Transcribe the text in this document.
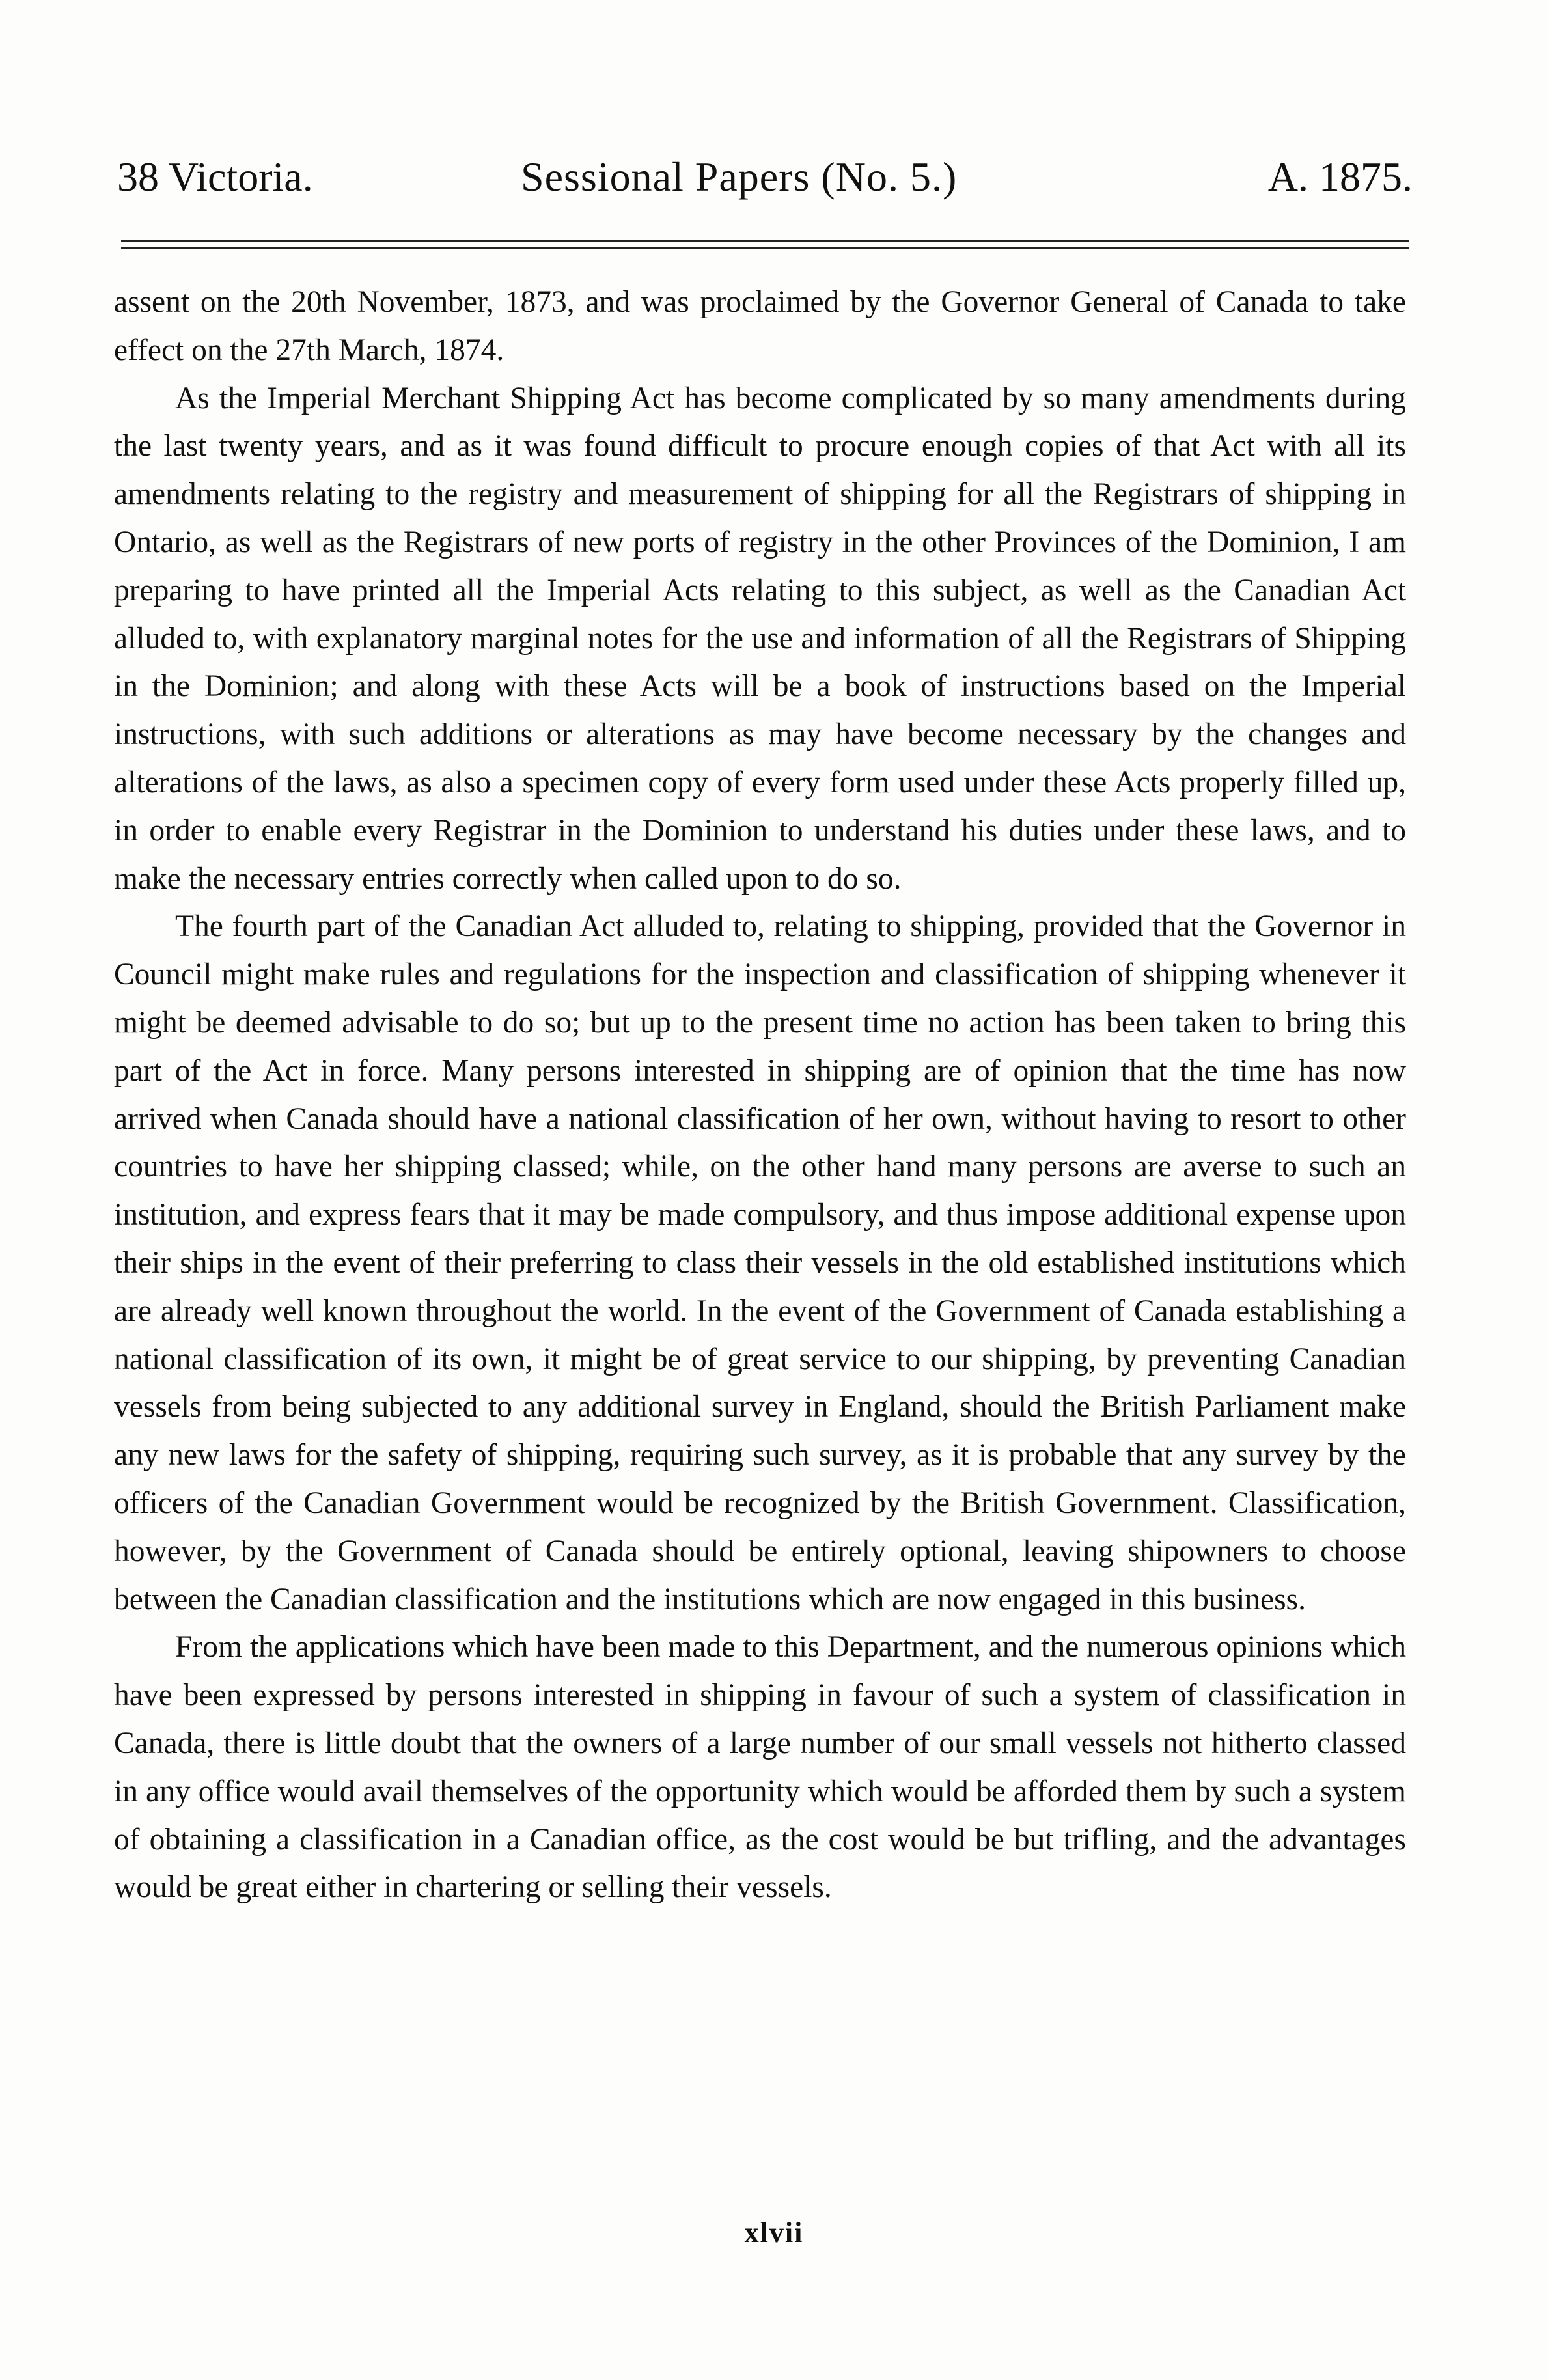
38 Victoria.	Sessional Papers (No. 5.)	A. 1875.

assent on the 20th November, 1873, and was proclaimed by the Governor General of Canada to take effect on the 27th March, 1874.

As the Imperial Merchant Shipping Act has become complicated by so many amendments during the last twenty years, and as it was found difficult to procure enough copies of that Act with all its amendments relating to the registry and measurement of shipping for all the Registrars of shipping in Ontario, as well as the Registrars of new ports of registry in the other Provinces of the Dominion, I am preparing to have printed all the Imperial Acts relating to this subject, as well as the Canadian Act alluded to, with explanatory marginal notes for the use and information of all the Registrars of Shipping in the Dominion; and along with these Acts will be a book of instructions based on the Imperial instructions, with such additions or alterations as may have become necessary by the changes and alterations of the laws, as also a specimen copy of every form used under these Acts properly filled up, in order to enable every Registrar in the Dominion to understand his duties under these laws, and to make the necessary entries correctly when called upon to do so.

The fourth part of the Canadian Act alluded to, relating to shipping, provided that the Governor in Council might make rules and regulations for the inspection and classification of shipping whenever it might be deemed advisable to do so; but up to the present time no action has been taken to bring this part of the Act in force. Many persons interested in shipping are of opinion that the time has now arrived when Canada should have a national classification of her own, without having to resort to other countries to have her shipping classed; while, on the other hand many persons are averse to such an institution, and express fears that it may be made compulsory, and thus impose additional expense upon their ships in the event of their preferring to class their vessels in the old established institutions which are already well known throughout the world. In the event of the Government of Canada establishing a national classification of its own, it might be of great service to our shipping, by preventing Canadian vessels from being subjected to any additional survey in England, should the British Parliament make any new laws for the safety of shipping, requiring such survey, as it is probable that any survey by the officers of the Canadian Government would be recognized by the British Government. Classification, however, by the Government of Canada should be entirely optional, leaving shipowners to choose between the Canadian classification and the institutions which are now engaged in this business.

From the applications which have been made to this Department, and the numerous opinions which have been expressed by persons interested in shipping in favour of such a system of classification in Canada, there is little doubt that the owners of a large number of our small vessels not hitherto classed in any office would avail themselves of the opportunity which would be afforded them by such a system of obtaining a classification in a Canadian office, as the cost would be but trifling, and the advantages would be great either in chartering or selling their vessels.

xlvii
